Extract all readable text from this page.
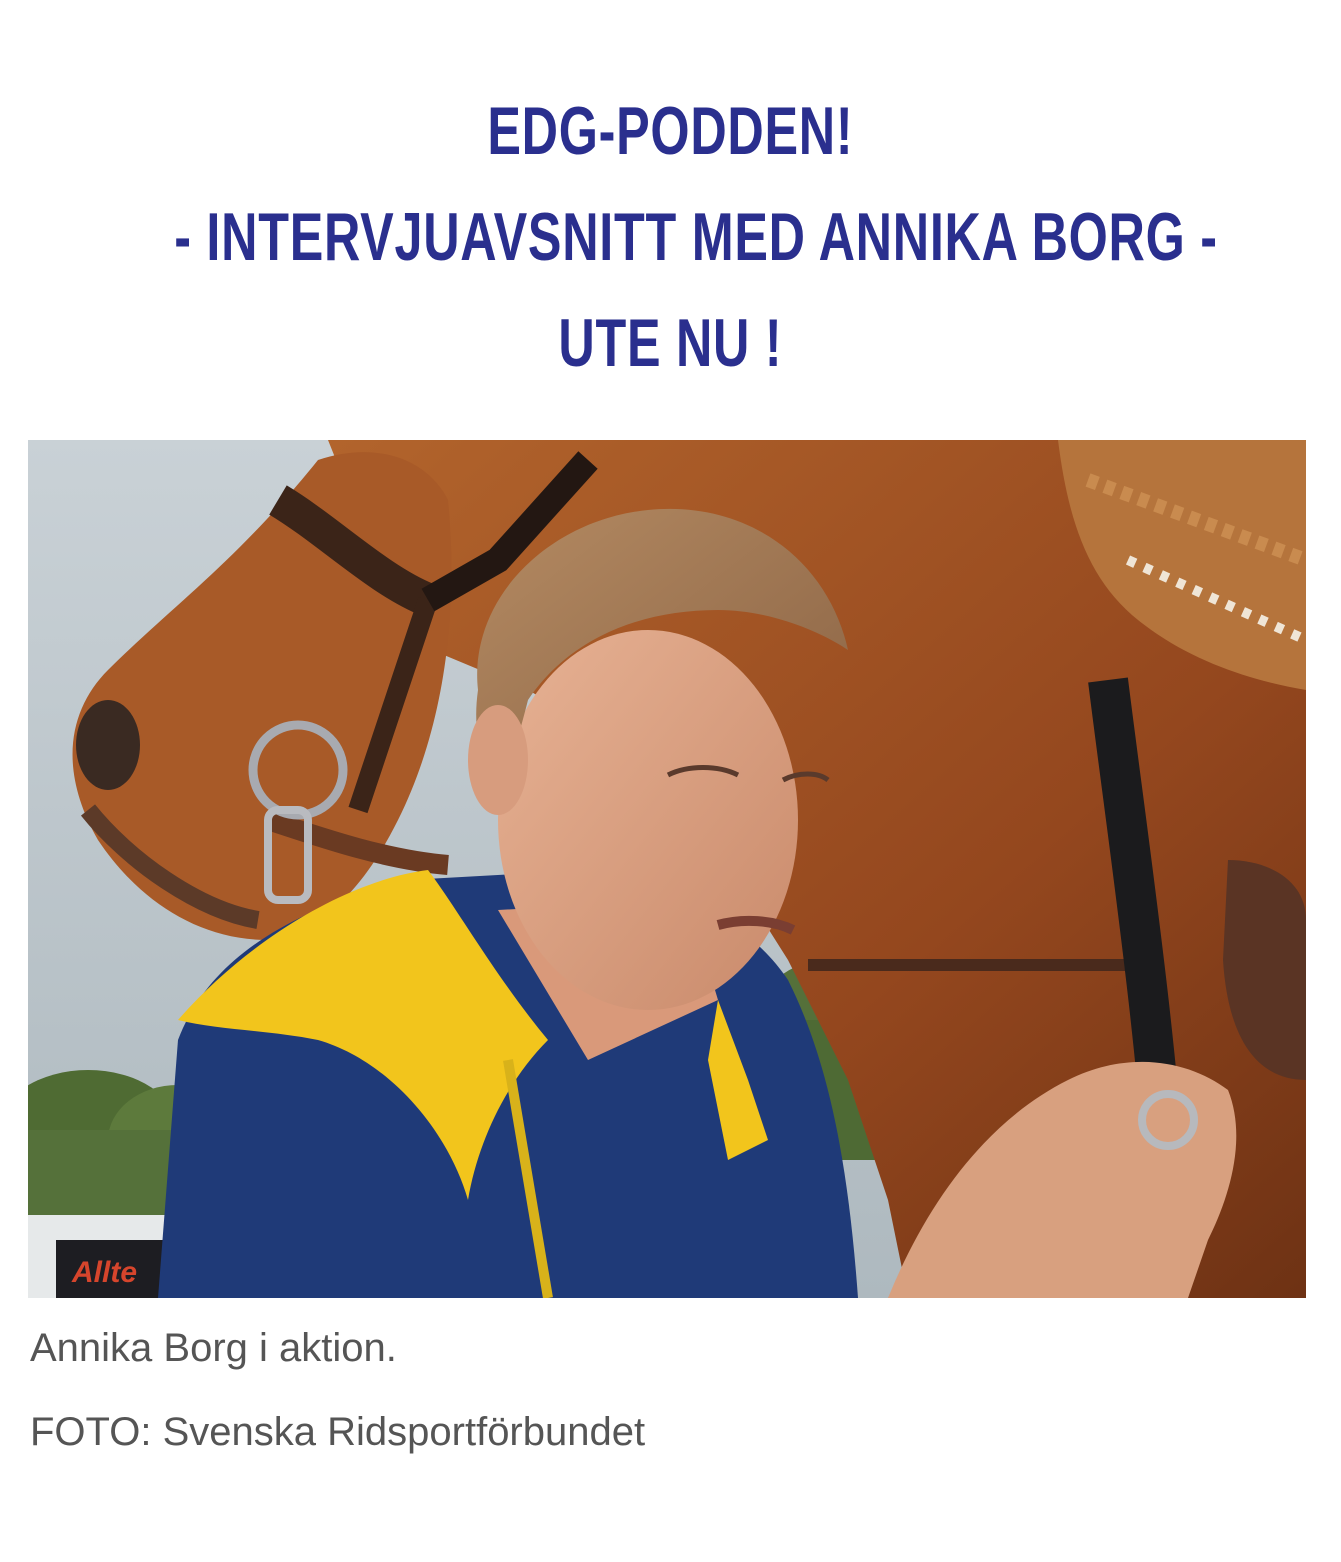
EDG-PODDEN!
- INTERVJUAVSNITT MED ANNIKA BORG -
UTE NU !
Allte
Annika Borg i aktion.
FOTO: Svenska Ridsportförbundet
